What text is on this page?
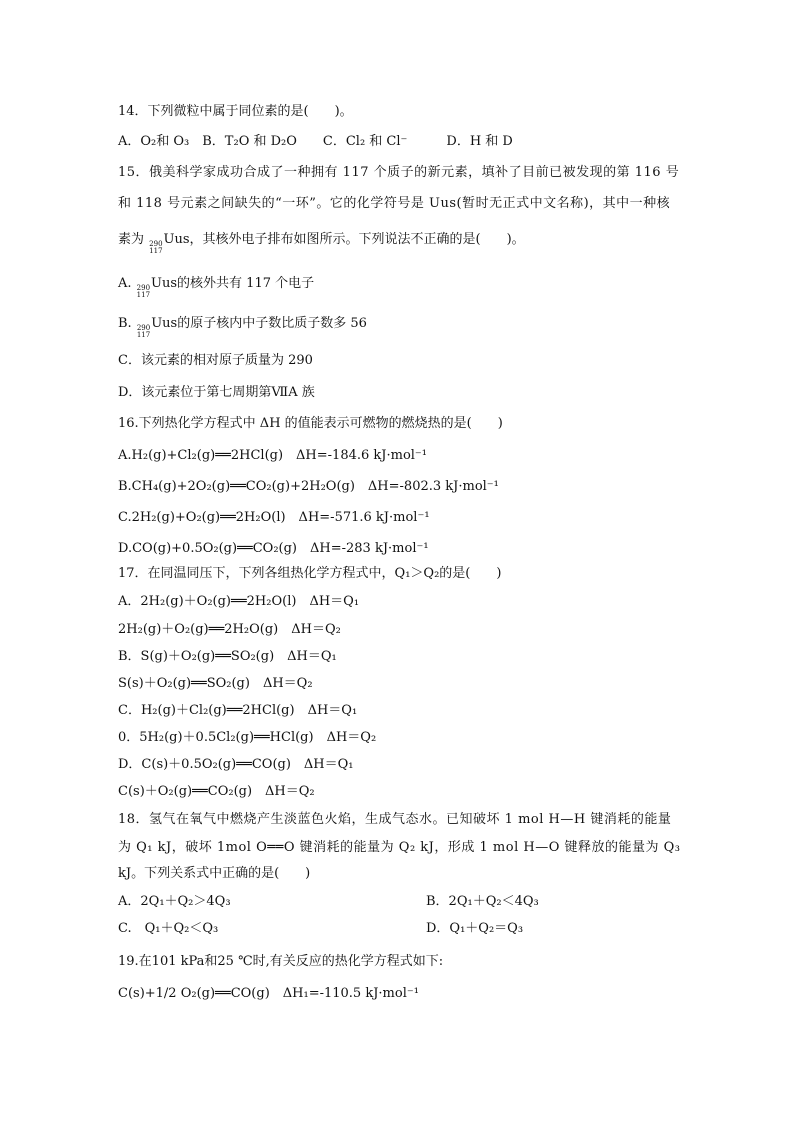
14．下列微粒中属于同位素的是(　　)。
A．O₂和 O₃　B．T₂O 和 D₂O　　C．Cl₂ 和 Cl⁻　　　D．H 和 D
15．俄美科学家成功合成了一种拥有 117 个质子的新元素，填补了目前已被发现的第 116 号
和 118 号元素之间缺失的“一环”。它的化学符号是 Uus(暂时无正式中文名称)，其中一种核
素为 290
117
Uus，其核外电子排布如图所示。下列说法不正确的是(　　)。
A. 290
117
Uus的核外共有 117 个电子
B. 290
117
Uus的原子核内中子数比质子数多 56
C．该元素的相对原子质量为 290
D．该元素位于第七周期第ⅦA 族
16.下列热化学方程式中 ΔH 的值能表示可燃物的燃烧热的是(　　)
A.H₂(g)+Cl₂(g)══2HCl(g)　ΔH=-184.6 kJ·mol⁻¹
B.CH₄(g)+2O₂(g)══CO₂(g)+2H₂O(g)　ΔH=-802.3 kJ·mol⁻¹
C.2H₂(g)+O₂(g)══2H₂O(l)　ΔH=-571.6 kJ·mol⁻¹
D.CO(g)+0.5O₂(g)══CO₂(g)　ΔH=-283 kJ·mol⁻¹
17．在同温同压下，下列各组热化学方程式中，Q₁＞Q₂的是(　　)
A．2H₂(g)＋O₂(g)══2H₂O(l)　ΔH＝Q₁
2H₂(g)＋O₂(g)══2H₂O(g)　ΔH＝Q₂
B．S(g)＋O₂(g)══SO₂(g)　ΔH＝Q₁
S(s)＋O₂(g)══SO₂(g)　ΔH＝Q₂
C．H₂(g)＋Cl₂(g)══2HCl(g)　ΔH＝Q₁
0．5H₂(g)＋0.5Cl₂(g)══HCl(g)　ΔH＝Q₂
D．C(s)＋0.5O₂(g)══CO(g)　ΔH＝Q₁
C(s)＋O₂(g)══CO₂(g)　ΔH＝Q₂
18．氢气在氧气中燃烧产生淡蓝色火焰，生成气态水。已知破坏 1 mol H—H 键消耗的能量
为 Q₁ kJ，破坏 1mol O══O 键消耗的能量为 Q₂ kJ，形成 1 mol H—O 键释放的能量为 Q₃
kJ。下列关系式中正确的是(　　)
A．2Q₁＋Q₂＞4Q₃	B．2Q₁＋Q₂＜4Q₃
C.　Q₁＋Q₂＜Q₃	D．Q₁＋Q₂＝Q₃
19.在101 kPa和25 ℃时,有关反应的热化学方程式如下:
C(s)+1/2 O₂(g)══CO(g)　ΔH₁=-110.5 kJ·mol⁻¹
